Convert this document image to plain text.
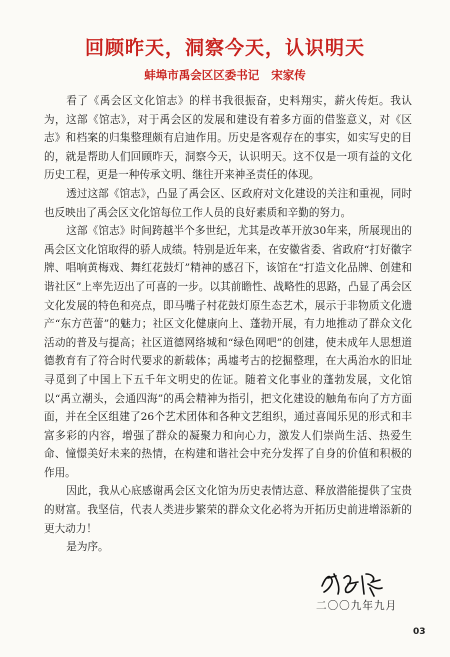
回顾昨天，洞察今天，认识明天
蚌埠市禹会区区委书记 宋家传

看了《禹会区文化馆志》的样书我很振奋，史料翔实，薪火传炬。我认为，这部《馆志》，对于禹会区的发展和建设有着多方面的借鉴意义，对《区志》和档案的归集整理颇有启迪作用。历史是客观存在的事实，如实写史的目的，就是帮助人们回顾昨天，洞察今天，认识明天。这不仅是一项有益的文化历史工程，更是一种传承文明、继往开来神圣责任的体现。

透过这部《馆志》，凸显了禹会区、区政府对文化建设的关注和重视，同时也反映出了禹会区文化馆每位工作人员的良好素质和辛勤的努力。

这部《馆志》时间跨越半个多世纪，尤其是改革开放30年来，所展现出的禹会区文化馆取得的骄人成绩。特别是近年来，在安徽省委、省政府“打好徽字牌、唱响黄梅戏、舞红花鼓灯”精神的感召下，该馆在“打造文化品牌、创建和谐社区”上率先迈出了可喜的一步。以其前瞻性、战略性的思路，凸显了禹会区文化发展的特色和亮点，即马嘴子村花鼓灯原生态艺术，展示于非物质文化遗产“东方芭蕾”的魅力；社区文化健康向上、蓬勃开展，有力地推动了群众文化活动的普及与提高；社区道德网络城和“绿色网吧”的创建，使未成年人思想道德教育有了符合时代要求的新载体；禹墟考古的挖掘整理，在大禹治水的旧址寻觅到了中国上下五千年文明史的佐证。随着文化事业的蓬勃发展，文化馆以“禹立潮头，会通四海”的禹会精神为指引，把文化建设的触角布向了方方面面，并在全区组建了26个艺术团体和各种文艺组织，通过喜闻乐见的形式和丰富多彩的内容，增强了群众的凝聚力和向心力，激发人们崇尚生活、热爱生命、憧憬美好未来的热情，在构建和谐社会中充分发挥了自身的价值和积极的作用。

因此，我从心底感谢禹会区文化馆为历史表情达意、释放潜能提供了宝贵的财富。我坚信，代表人类进步繁荣的群众文化必将为开拓历史前进增添新的更大动力！

是为序。

二〇〇九年九月
03
